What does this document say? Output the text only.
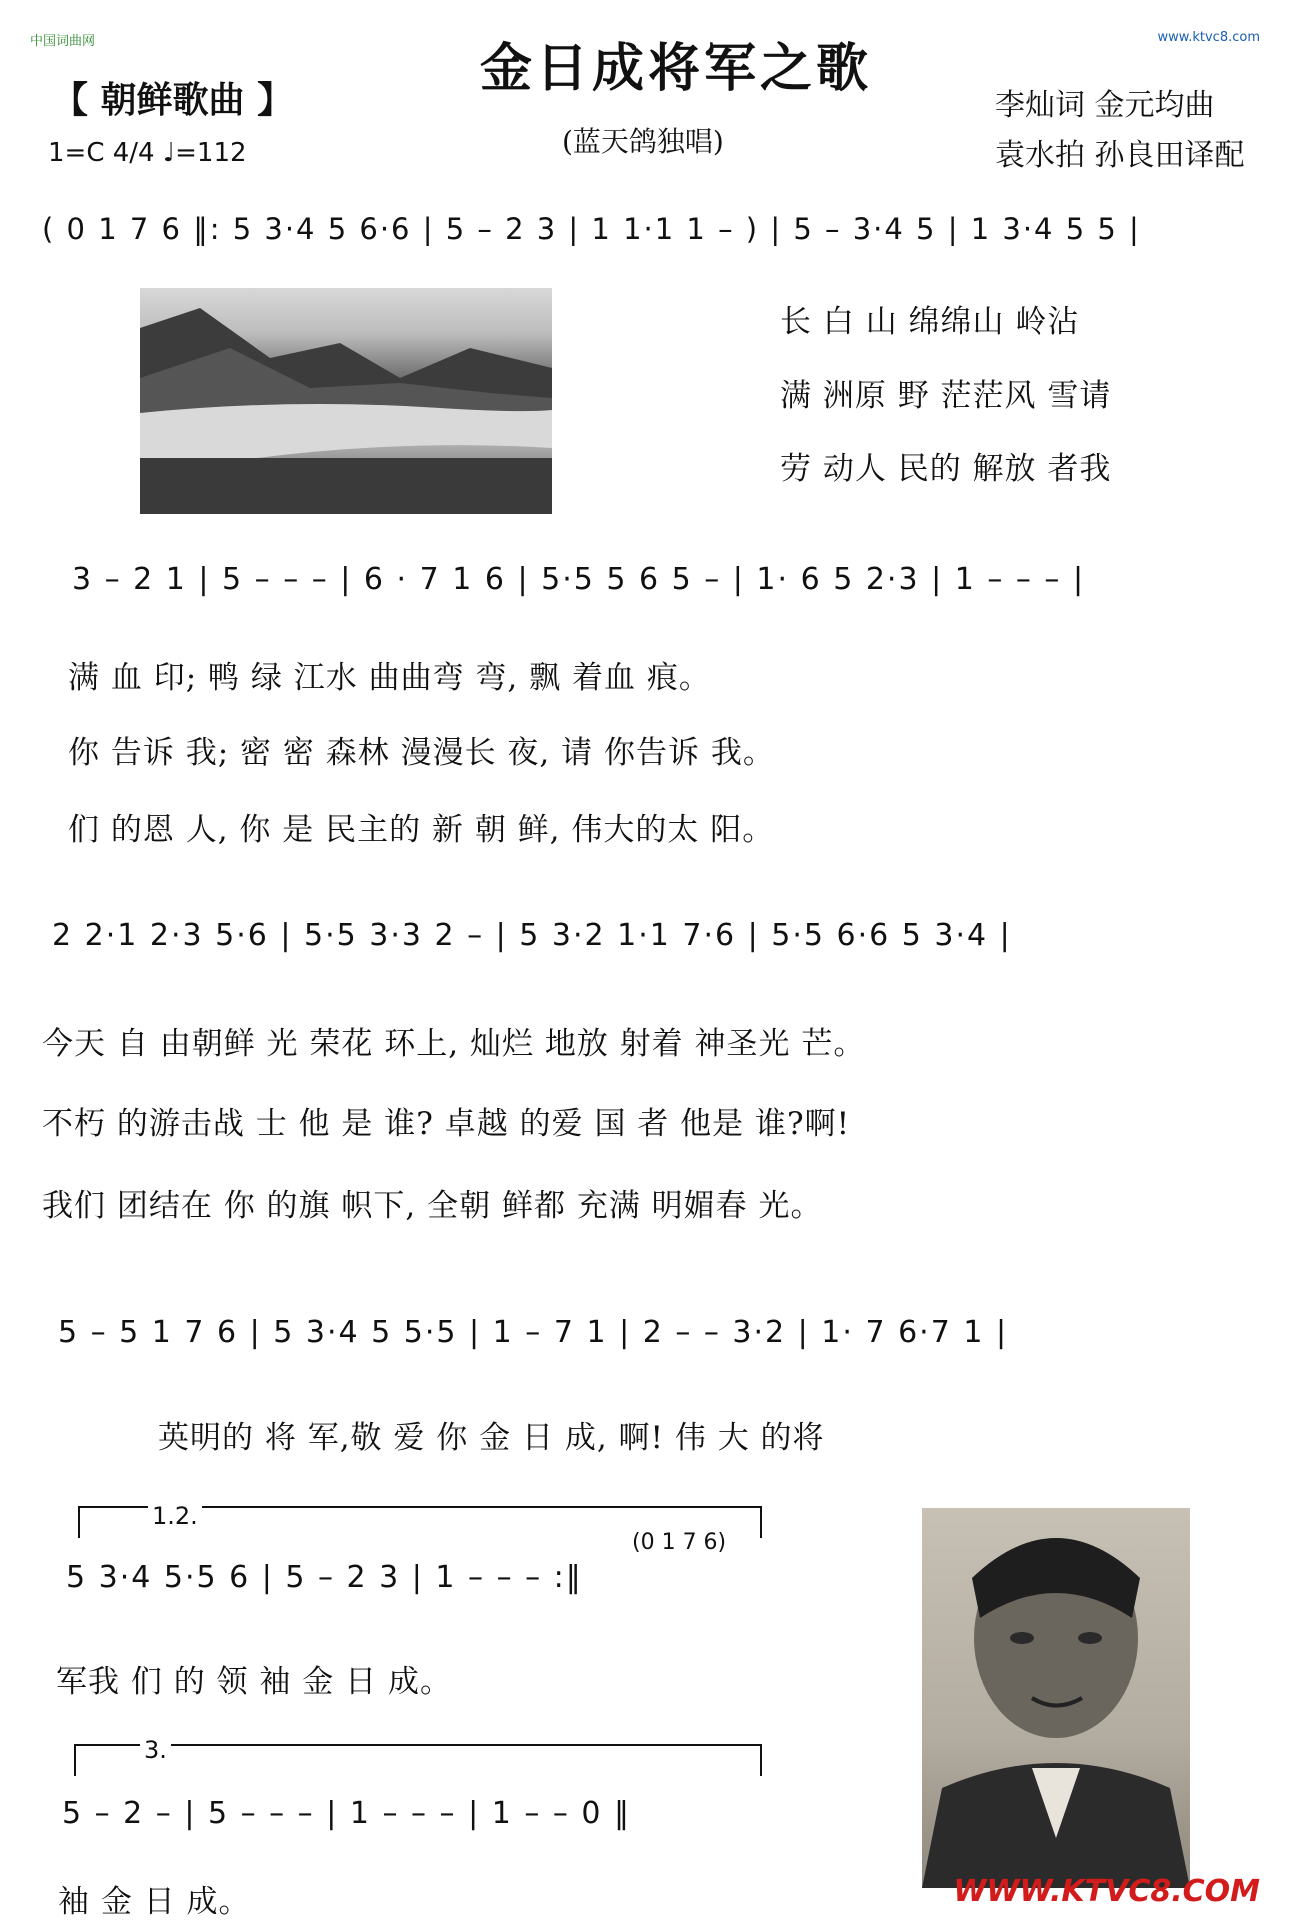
中国词曲网	www.ktvc8.com
金日成将军之歌
【 朝鲜歌曲 】
1=C 4/4 ♩=112	(蓝天鸽独唱)
李灿词 金元均曲
袁水拍 孙良田译配
( 0 1 7 6 ‖: 5 3·4 5 6·6 | 5 – 2 3 | 1 1·1 1 – ) | 5 – 3·4 5 | 1 3·4 5 5 |
长 白 山 绵绵山 岭沾
满 洲原 野 茫茫风 雪请
劳 动人 民的 解放 者我
3 – 2 1 | 5 – – – | 6 · 7 1 6 | 5·5 5 6 5 – | 1· 6 5 2·3 | 1 – – – |
满 血 印; 鸭 绿 江水 曲曲弯 弯, 飘 着血 痕。
你 告诉 我; 密 密 森林 漫漫长 夜, 请 你告诉 我。
们 的恩 人, 你 是 民主的 新 朝 鲜, 伟大的太 阳。
2 2·1 2·3 5·6 | 5·5 3·3 2 – | 5 3·2 1·1 7·6 | 5·5 6·6 5 3·4 |
今天 自 由朝鲜 光 荣花 环上, 灿烂 地放 射着 神圣光 芒。
不朽 的游击战 士 他 是 谁? 卓越 的爱 国 者 他是 谁?啊!
我们 团结在 你 的旗 帜下, 全朝 鲜都 充满 明媚春 光。
5 – 5 1 7 6 | 5 3·4 5 5·5 | 1 – 7 1 | 2 – – 3·2 | 1· 7 6·7 1 |
英明的 将 军,敬 爱 你 金 日 成, 啊! 伟 大 的将
1.2.
5 3·4 5·5 6 | 5 – 2 3 | 1 – – – :‖
(0 1 7 6)
军我 们 的 领 袖 金 日 成。
3.
5 – 2 – | 5 – – – | 1 – – – | 1 – – 0 ‖
袖 金 日 成。	WWW.KTVC8.COM
